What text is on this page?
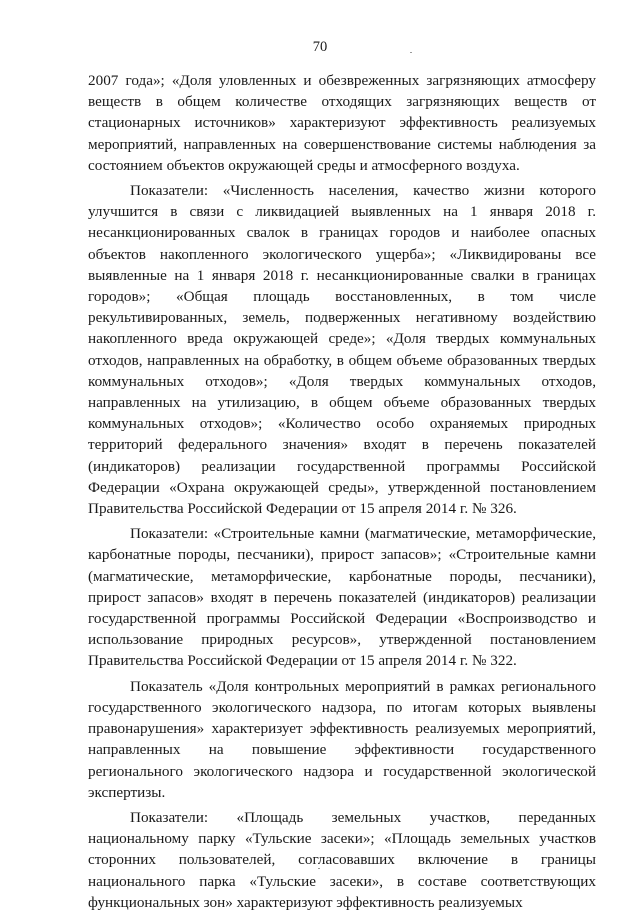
70

2007 года»; «Доля уловленных и обезвреженных загрязняющих атмосферу веществ в общем количестве отходящих загрязняющих веществ от стационарных источников» характеризуют эффективность реализуемых мероприятий, направленных на совершенствование системы наблюдения за состоянием объектов окружающей среды и атмосферного воздуха.

Показатели: «Численность населения, качество жизни которого улучшится в связи с ликвидацией выявленных на 1 января 2018 г. несанкционированных свалок в границах городов и наиболее опасных объектов накопленного экологического ущерба»; «Ликвидированы все выявленные на 1 января 2018 г. несанкционированные свалки в границах городов»; «Общая площадь восстановленных, в том числе рекультивированных, земель, подверженных негативному воздействию накопленного вреда окружающей среде»; «Доля твердых коммунальных отходов, направленных на обработку, в общем объеме образованных твердых коммунальных отходов»; «Доля твердых коммунальных отходов, направленных на утилизацию, в общем объеме образованных твердых коммунальных отходов»; «Количество особо охраняемых природных территорий федерального значения» входят в перечень показателей (индикаторов) реализации государственной программы Российской Федерации «Охрана окружающей среды», утвержденной постановлением Правительства Российской Федерации от 15 апреля 2014 г. № 326.

Показатели: «Строительные камни (магматические, метаморфические, карбонатные породы, песчаники), прирост запасов»; «Строительные камни (магматические, метаморфические, карбонатные породы, песчаники), прирост запасов» входят в перечень показателей (индикаторов) реализации государственной программы Российской Федерации «Воспроизводство и использование природных ресурсов», утвержденной постановлением Правительства Российской Федерации от 15 апреля 2014 г. № 322.

Показатель «Доля контрольных мероприятий в рамках регионального государственного экологического надзора, по итогам которых выявлены правонарушения» характеризует эффективность реализуемых мероприятий, направленных на повышение эффективности государственного регионального экологического надзора и государственной экологической экспертизы.

Показатели: «Площадь земельных участков, переданных национальному парку «Тульские засеки»; «Площадь земельных участков сторонних пользователей, согласовавших включение в границы национального парка «Тульские засеки», в составе соответствующих функциональных зон» характеризуют эффективность реализуемых
